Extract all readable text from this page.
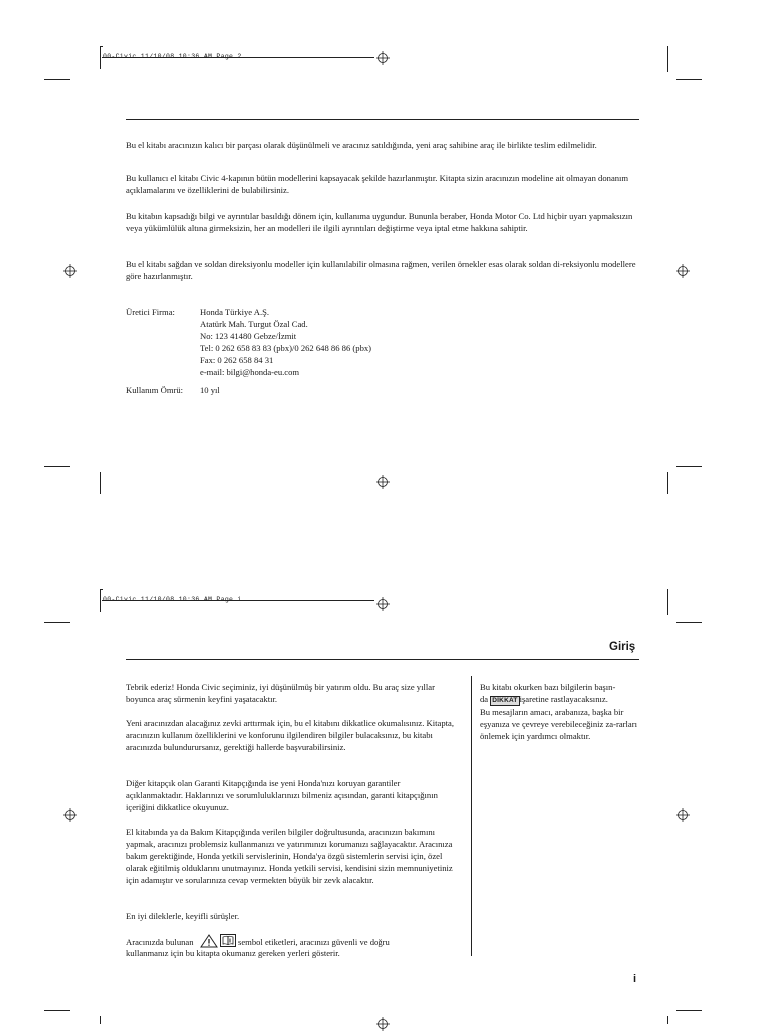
Bu el kitabı aracınızın kalıcı bir parçası olarak düşünülmeli ve aracınız satıldığında, yeni araç sahibine araç ile birlikte teslim edilmelidir.

Bu kullanıcı el kitabı Civic 4-kapının bütün modellerini kapsayacak şekilde hazırlanmıştır. Kitapta sizin aracınızın modeline ait olmayan donanım açıklamalarını ve özelliklerini de bulabilirsiniz.

Bu kitabın kapsadığı bilgi ve ayrıntılar basıldığı dönem için, kullanıma uygundur. Bununla beraber, Honda Motor Co. Ltd hiçbir uyarı yapmaksızın veya yükümlülük altına girmeksizin, her an modelleri ile ilgili ayrıntıları değiştirme veya iptal etme hakkına sahiptir.

Bu el kitabı sağdan ve soldan direksiyonlu modeller için kullanılabilir olmasına rağmen, verilen örnekler esas olarak soldan di-reksiyonlu modellere göre hazırlanmıştır.

Üretici Firma:	Honda Türkiye A.Ş.
Atatürk Mah. Turgut Özal Cad.
No: 123 41480 Gebze/İzmit
Tel: 0 262 658 83 83 (pbx)/0 262 648 86 86 (pbx)
Fax: 0 262 658 84 31
e-mail: bilgi@honda-eu.com
Kullanım Ömrü: 10 yıl
Giriş

Tebrik ederiz! Honda Civic seçiminiz, iyi düşünülmüş bir yatırım oldu. Bu araç size yıllar boyunca araç sürmenin keyfini yaşatacaktır.

Yeni aracınızdan alacağınız zevki arttırmak için, bu el kitabını dikkatlice okumalısınız. Kitapta, aracınızın kullanım özelliklerini ve konforunu ilgilendiren bilgiler bulacaksınız, bu kitabı aracınızda bulundurursanız, gerektiği hallerde başvurabilirsiniz.

Diğer kitapçık olan Garanti Kitapçığında ise yeni Honda'nızı koruyan garantiler açıklanmaktadır. Haklarınızı ve sorumluluklarınızı bilmeniz açısından, garanti kitapçığının içeriğini dikkatlice okuyunuz.

El kitabında ya da Bakım Kitapçığında verilen bilgiler doğrultusunda, aracınızın bakımını yapmak, aracınızı problemsiz kullanmanızı ve yatırımınızı korumanızı sağlayacaktır. Aracınıza bakım gerektiğinde, Honda yetkili servislerinin, Honda'ya özgü sistemlerin servisi için, özel olarak eğitilmiş olduklarını unutmayınız. Honda yetkili servisi, kendisini sizin memnuniyetiniz için adamıştır ve sorularınıza cevap vermekten büyük bir zevk alacaktır.

En iyi dileklerle, keyifli sürüşler.

Aracınızda bulunan	sembol etiketleri, aracınızı güvenli ve doğru
kullanmanız için bu kitapta okumanız gereken yerleri gösterir.
Bu kitabı okurken bazı bilgilerin başın-
da DİKKAT işaretine rastlayacaksınız.
Bu mesajların amacı, arabanıza, başka bir eşyanıza ve çevreye verebileceğiniz za-rarları önlemek için yardımcı olmaktır.
i
